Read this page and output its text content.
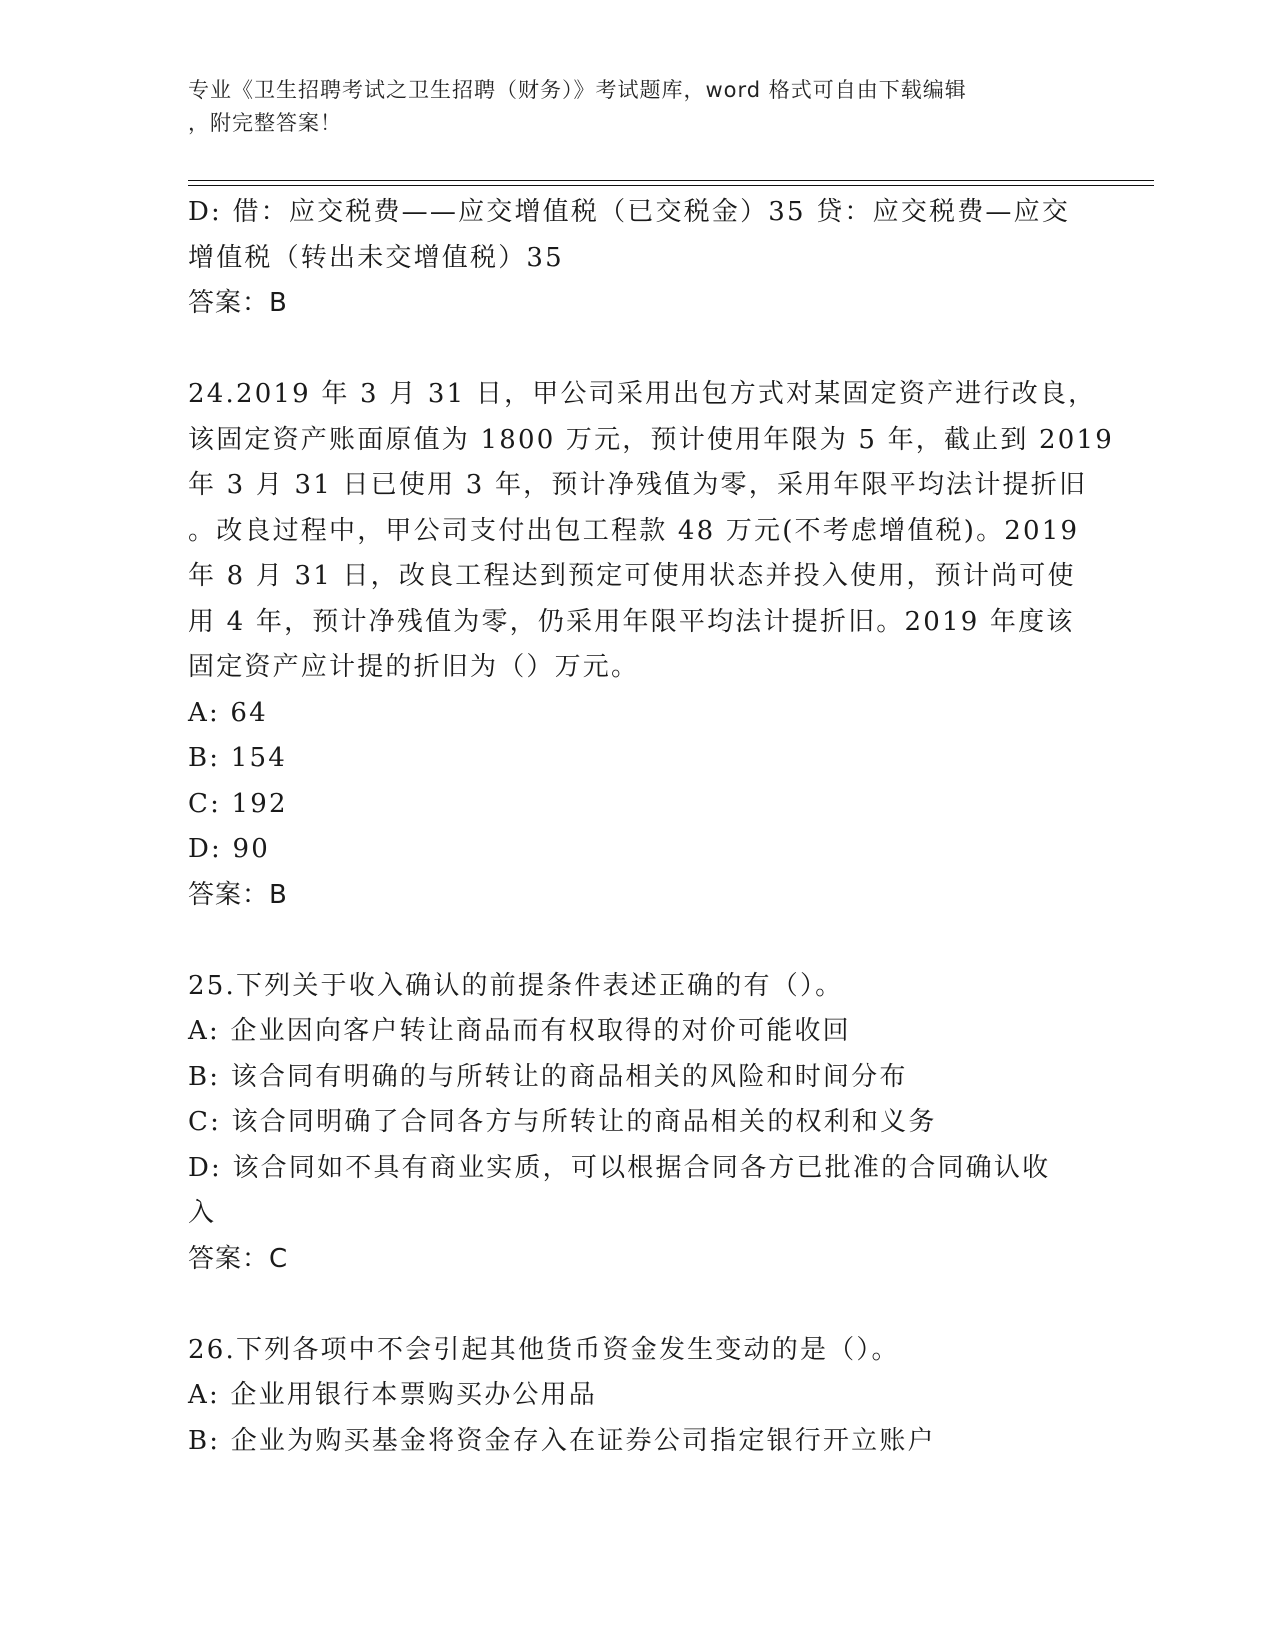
专业《卫生招聘考试之卫生招聘（财务）》考试题库，word 格式可自由下载编辑
，附完整答案！
D: 借：应交税费——应交增值税（已交税金）35 贷：应交税费—应交
增值税（转出未交增值税）35
答案：B
24.2019 年 3 月 31 日，甲公司采用出包方式对某固定资产进行改良，
该固定资产账面原值为 1800 万元，预计使用年限为 5 年，截止到 2019
年 3 月 31 日已使用 3 年，预计净残值为零，采用年限平均法计提折旧
。改良过程中，甲公司支付出包工程款 48 万元(不考虑增值税)。2019
年 8 月 31 日，改良工程达到预定可使用状态并投入使用，预计尚可使
用 4 年，预计净残值为零，仍采用年限平均法计提折旧。2019 年度该
固定资产应计提的折旧为（）万元。
A: 64
B: 154
C: 192
D: 90
答案：B
25.下列关于收入确认的前提条件表述正确的有（）。
A: 企业因向客户转让商品而有权取得的对价可能收回
B: 该合同有明确的与所转让的商品相关的风险和时间分布
C: 该合同明确了合同各方与所转让的商品相关的权利和义务
D: 该合同如不具有商业实质，可以根据合同各方已批准的合同确认收
入
答案：C
26.下列各项中不会引起其他货币资金发生变动的是（）。
A: 企业用银行本票购买办公用品
B: 企业为购买基金将资金存入在证券公司指定银行开立账户
